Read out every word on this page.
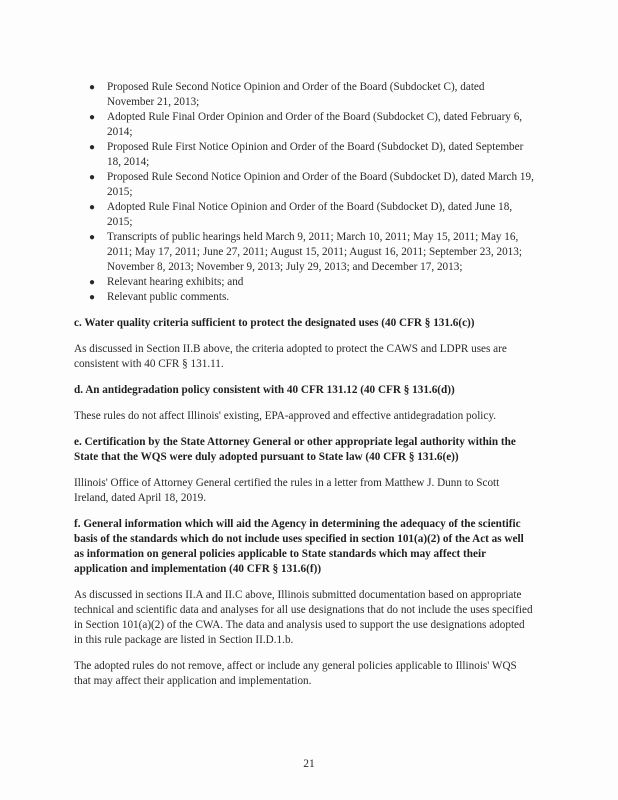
● Proposed Rule Second Notice Opinion and Order of the Board (Subdocket C), dated November 21, 2013;
● Adopted Rule Final Order Opinion and Order of the Board (Subdocket C), dated February 6, 2014;
● Proposed Rule First Notice Opinion and Order of the Board (Subdocket D), dated September 18, 2014;
● Proposed Rule Second Notice Opinion and Order of the Board (Subdocket D), dated March 19, 2015;
● Adopted Rule Final Notice Opinion and Order of the Board (Subdocket D), dated June 18, 2015;
● Transcripts of public hearings held March 9, 2011; March 10, 2011; May 15, 2011; May 16, 2011; May 17, 2011; June 27, 2011; August 15, 2011; August 16, 2011; September 23, 2013; November 8, 2013; November 9, 2013; July 29, 2013; and December 17, 2013;
● Relevant hearing exhibits; and
● Relevant public comments.
c. Water quality criteria sufficient to protect the designated uses (40 CFR § 131.6(c))
As discussed in Section II.B above, the criteria adopted to protect the CAWS and LDPR uses are consistent with 40 CFR § 131.11.
d. An antidegradation policy consistent with 40 CFR 131.12 (40 CFR § 131.6(d))
These rules do not affect Illinois' existing, EPA-approved and effective antidegradation policy.
e. Certification by the State Attorney General or other appropriate legal authority within the State that the WQS were duly adopted pursuant to State law (40 CFR § 131.6(e))
Illinois' Office of Attorney General certified the rules in a letter from Matthew J. Dunn to Scott Ireland, dated April 18, 2019.
f. General information which will aid the Agency in determining the adequacy of the scientific basis of the standards which do not include uses specified in section 101(a)(2) of the Act as well as information on general policies applicable to State standards which may affect their application and implementation (40 CFR § 131.6(f))
As discussed in sections II.A and II.C above, Illinois submitted documentation based on appropriate technical and scientific data and analyses for all use designations that do not include the uses specified in Section 101(a)(2) of the CWA. The data and analysis used to support the use designations adopted in this rule package are listed in Section II.D.1.b.
The adopted rules do not remove, affect or include any general policies applicable to Illinois' WQS that may affect their application and implementation.
21
